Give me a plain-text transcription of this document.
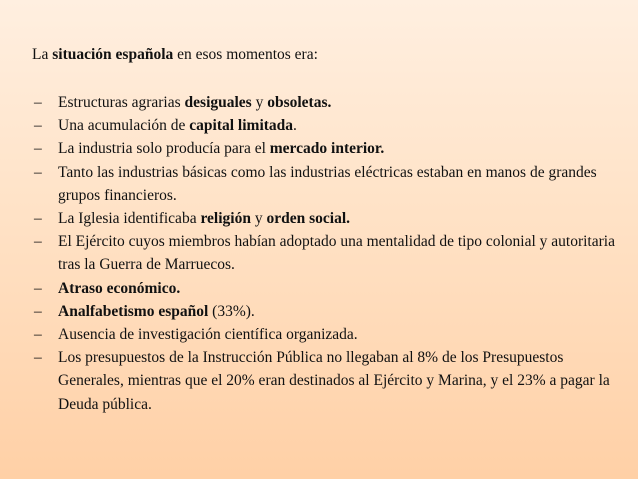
La situación española en esos momentos era:
– Estructuras agrarias desiguales y obsoletas.
– Una acumulación de capital limitada.
– La industria solo producía para el mercado interior.
– Tanto las industrias básicas como las industrias eléctricas estaban en manos de grandes grupos financieros.
– La Iglesia identificaba religión y orden social.
– El Ejército cuyos miembros habían adoptado una mentalidad de tipo colonial y autoritaria tras la Guerra de Marruecos.
– Atraso económico.
– Analfabetismo español (33%).
– Ausencia de investigación científica organizada.
– Los presupuestos de la Instrucción Pública no llegaban al 8% de los Presupuestos Generales, mientras que el 20% eran destinados al Ejército y Marina, y el 23% a pagar la Deuda pública.
